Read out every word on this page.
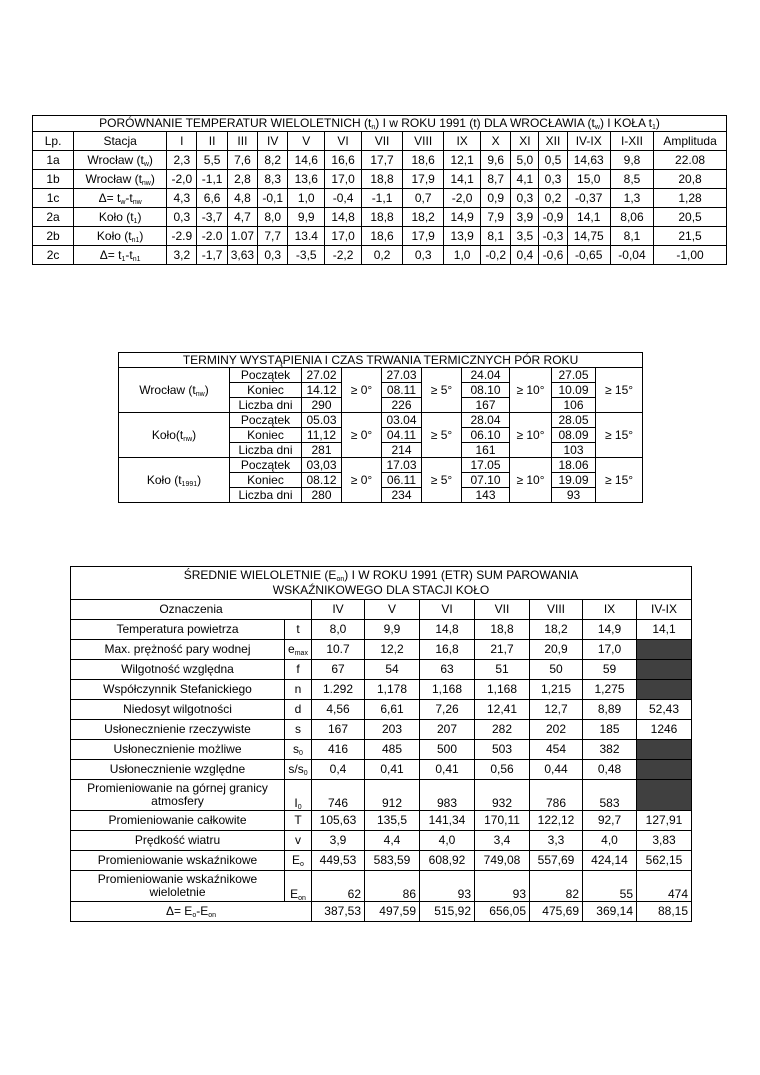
PORÓWNANIE TEMPERATUR WIELOLETNICH $(t_n)$ I w ROKU 1991 (t) DLA WROCŁAWIA $(t_w)$ I KOŁA $t_1$)																
Lp.	Stacja	I	II	III	IV	V	VI	VII	VIII	IX	X	XI	XII	IV-IX	I-XII	Amplituda
1a	Wrocław $(t_w)$	2,3	5,5	7,6	8,2	14,6	16,6	17,7	18,6	12,1	9,6	5,0	0,5	14,63	9,8	22.08
1b	Wrocław $(t_{nw})$	-2,0	-1,1	2,8	8,3	13,6	17,0	18,8	17,9	14,1	8,7	4,1	0,3	15,0	8,5	20,8
1c	$\Delta= t_w-t_{nw}$	4,3	6,6	4,8	-0,1	1,0	-0,4	-1,1	0,7	-2,0	0,9	0,3	0,2	-0,37	1,3	1,28
2a	Koło $(t_1)$	0,3	-3,7	4,7	8,0	9,9	14,8	18,8	18,2	14,9	7,9	3,9	-0,9	14,1	8,06	20,5
2b	Koło $(t_{n1})$	-2.9	-2.0	1.07	7,7	13.4	17,0	18,6	17,9	13,9	8,1	3,5	-0,3	14,75	8,1	21,5
2c	$\Delta= t_1-t_{n1}$	3,2	-1,7	3,63	0,3	-3,5	-2,2	0,2	0,3	1,0	-0,2	0,4	-0,6	-0,65	-0,04	-1,00
TERMINY WYSTĄPIENIA I CZAS TRWANIA TERMICZNYCH PÓR ROKU									
Wrocław $(t_{nw})$	Początek	27.02	≥ 0°	27.03	≥ 5°	24.04	≥ 10°	27.05	≥ 15°
	Koniec	14.12		08.11		08.10		10.09	
	Liczba dni	290		226		167		106	
$Koło(t_{nw})$	Początek	05.03	≥ 0°	03.04	≥ 5°	28.04	≥ 10°	28.05	≥ 15°
	Koniec	11,12		04.11		06.10		08.09	
	Liczba dni	281		214		161		103	
Koło $(t_{1991})$	Początek	03,03	≥ 0°	17.03	≥ 5°	17.05	≥ 10°	18.06	≥ 15°
	Koniec	08.12		06.11		07.10		19.09	
	Liczba dni	280		234		143		93	
ŚREDNIE WIELOLETNIE $(E_{on})$ I W ROKU 1991 (ETR) SUM PAROWANIA
WSKAŹNIKOWEGO DLA STACJI KOŁO								
Oznaczenia		IV	V	VI	VII	VIII	IX	IV-IX
Temperatura powietrza	t	8,0	9,9	14,8	18,8	18,2	14,9	14,1
Max. prężność pary wodnej	$e_{max}$	10.7	12,2	16,8	21,7	20,9	17,0	
Wilgotność względna	f	67	54	63	51	50	59	
Współczynnik Stefanickiego	n	1.292	1,178	1,168	1,168	1,215	1,275	
Niedosyt wilgotności	d	4,56	6,61	7,26	12,41	12,7	8,89	52,43
Usłonecznienie rzeczywiste	s	167	203	207	282	202	185	1246
Usłonecznienie możliwe	$s_0$	416	485	500	503	454	382	
Usłonecznienie względne	$s/s_0$	0,4	0,41	0,41	0,56	0,44	0,48	
Promieniowanie na górnej granicy atmosfery	$I_0$	746	912	983	932	786	583	
Promieniowanie całkowite	T	105,63	135,5	141,34	170,11	122,12	92,7	127,91
Prędkość wiatru	v	3,9	4,4	4,0	3,4	3,3	4,0	3,83
Promieniowanie wskaźnikowe	$E_o$	449,53	583,59	608,92	749,08	557,69	424,14	562,15
Promieniowanie wskaźnikowe wieloletnie	$E_{on}$	62	86	93	93	82	55	474
$\Delta= E_o-E_{on}$		387,53	497,59	515,92	656,05	475,69	369,14	88,15
